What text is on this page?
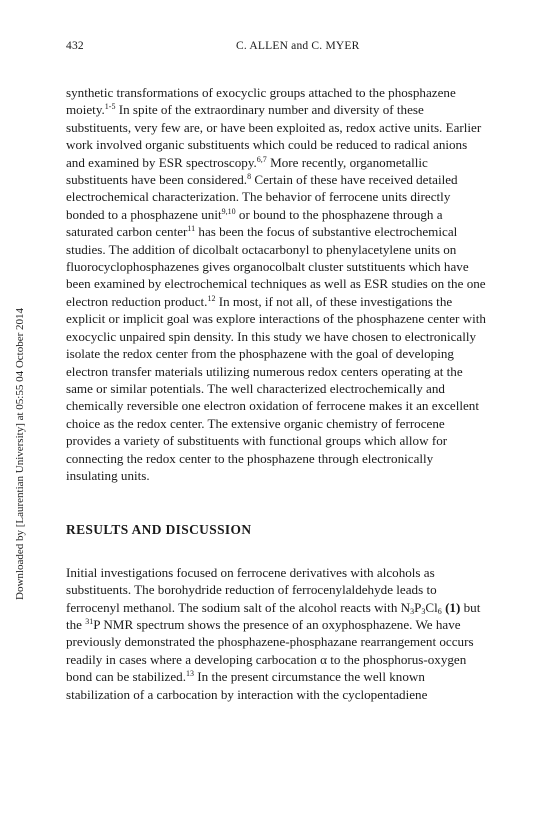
432	C. ALLEN and C. MYER
Downloaded by [Laurentian University] at 05:55 04 October 2014

synthetic transformations of exocyclic groups attached to the phosphazene moiety.$^{1-5}$ In spite of the extraordinary number and diversity of these substituents, very few are, or have been exploited as, redox active units. Earlier work involved organic substituents which could be reduced to radical anions and examined by ESR spectroscopy.$^{6,7}$ More recently, organometallic substituents have been considered.$^8$ Certain of these have received detailed electrochemical characterization. The behavior of ferrocene units directly bonded to a phosphazene unit$^{9,10}$ or bound to the phosphazene through a saturated carbon center$^{11}$ has been the focus of substantive electrochemical studies. The addition of dicolbalt octacarbonyl to phenylacetylene units on fluorocyclophosphazenes gives organocolbalt cluster sutstituents which have been examined by electrochemical techniques as well as ESR studies on the one electron reduction product.$^{12}$ In most, if not all, of these investigations the explicit or implicit goal was explore interactions of the phosphazene center with exocyclic unpaired spin density. In this study we have chosen to electronically isolate the redox center from the phosphazene with the goal of developing electron transfer materials utilizing numerous redox centers operating at the same or similar potentials. The well characterized electrochemically and chemically reversible one electron oxidation of ferrocene makes it an excellent choice as the redox center. The extensive organic chemistry of ferrocene provides a variety of substituents with functional groups which allow for connecting the redox center to the phosphazene through electronically insulating units.

RESULTS AND DISCUSSION

Initial investigations focused on ferrocene derivatives with alcohols as substituents. The borohydride reduction of ferrocenylaldehyde leads to ferrocenyl methanol. The sodium salt of the alcohol reacts with $N_3P_3Cl_6$ (1) but the $^{31}$P NMR spectrum shows the presence of an oxyphosphazene. We have previously demonstrated the phosphazene-phosphazane rearrangement occurs readily in cases where a developing carbocation α to the phosphorus-oxygen bond can be stabilized.$^{13}$ In the present circumstance the well known stabilization of a carbocation by interaction with the cyclopentadiene
